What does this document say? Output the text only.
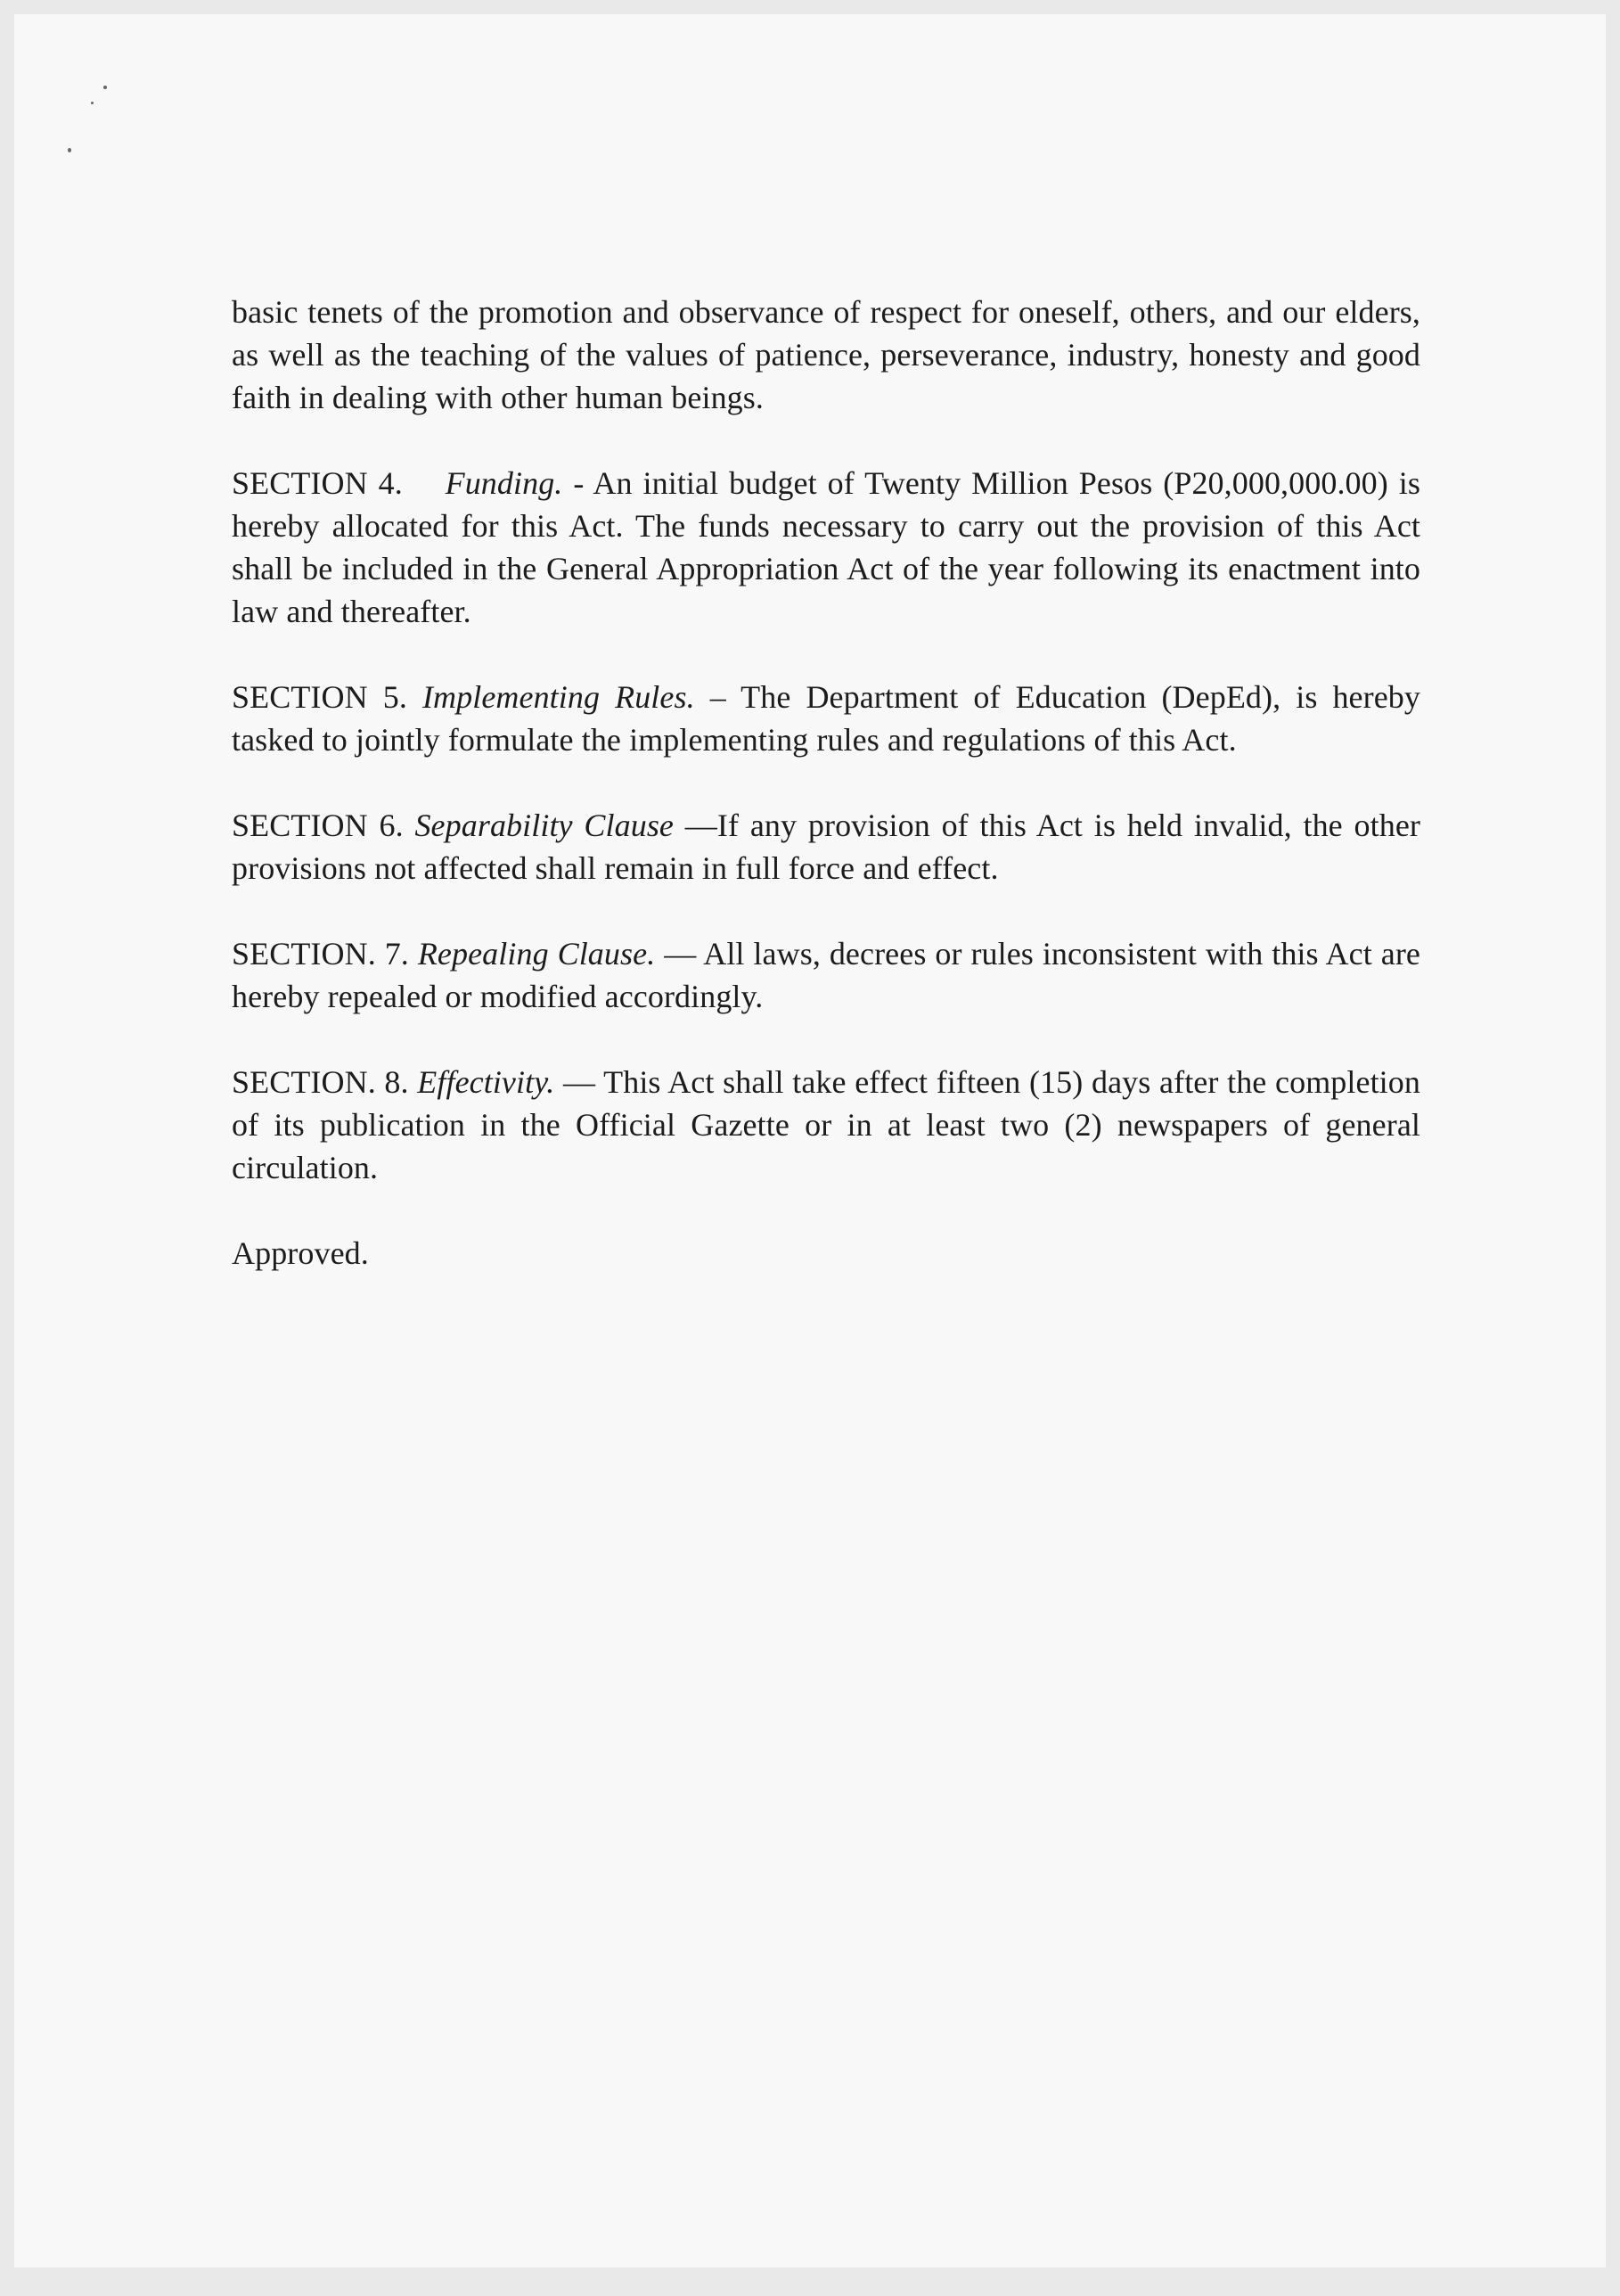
basic tenets of the promotion and observance of respect for oneself, others, and our elders, as well as the teaching of the values of patience, perseverance, industry, honesty and good faith in dealing with other human beings.

SECTION 4. Funding. - An initial budget of Twenty Million Pesos (P20,000,000.00) is hereby allocated for this Act. The funds necessary to carry out the provision of this Act shall be included in the General Appropriation Act of the year following its enactment into law and thereafter.

SECTION 5. Implementing Rules. – The Department of Education (DepEd), is hereby tasked to jointly formulate the implementing rules and regulations of this Act.

SECTION 6. Separability Clause —If any provision of this Act is held invalid, the other provisions not affected shall remain in full force and effect.

SECTION. 7. Repealing Clause. — All laws, decrees or rules inconsistent with this Act are hereby repealed or modified accordingly.

SECTION. 8. Effectivity. — This Act shall take effect fifteen (15) days after the completion of its publication in the Official Gazette or in at least two (2) newspapers of general circulation.

Approved.
